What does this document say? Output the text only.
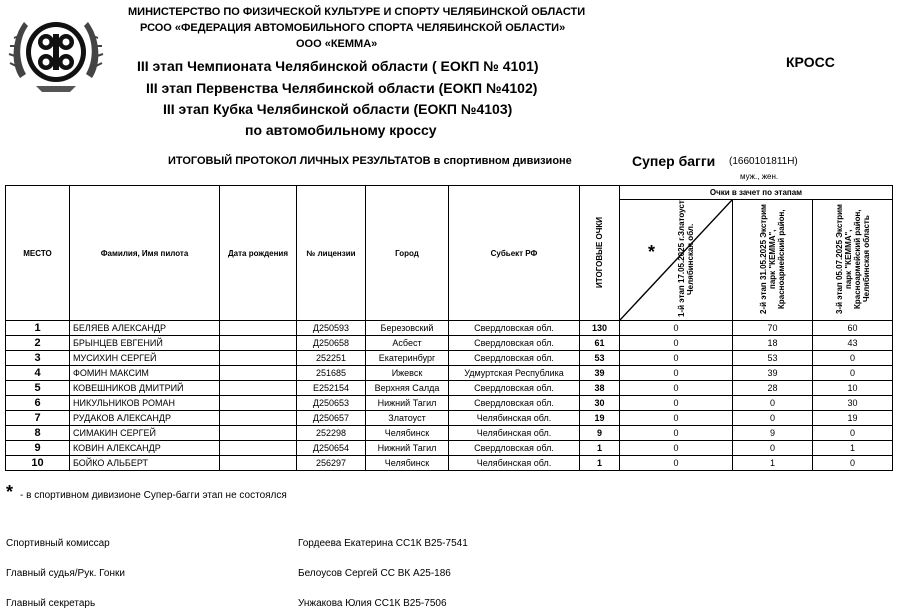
МИНИСТЕРСТВО ПО ФИЗИЧЕСКОЙ КУЛЬТУРЕ И СПОРТУ ЧЕЛЯБИНСКОЙ ОБЛАСТИ
РСОО «ФЕДЕРАЦИЯ АВТОМОБИЛЬНОГО СПОРТА ЧЕЛЯБИНСКОЙ ОБЛАСТИ»
ООО «КЕММА»
III этап Чемпионата Челябинской области ( ЕОКП № 4101)
III этап Первенства Челябинской области (ЕОКП №4102)
III этап Кубка Челябинской области (ЕОКП №4103)
по автомобильному кроссу
КРОСС
ИТОГОВЫЙ ПРОТОКОЛ ЛИЧНЫХ РЕЗУЛЬТАТОВ в спортивном дивизионе	Супер багги (1660101811Н)
муж., жен.
МЕСТО	Фамилия, Имя пилота	Дата рождения	№ лицензии	Город	Субьект РФ	ИТОГОВЫЕ ОЧКИ	Очки в зачет по этапам		

							* 1-й этап 17.05.2025 г.Златоуст Челябинская обл.	2-й этап 31.05.2025 Экстрим парк "КЕММА", Красноармейский район,	3-й этап 05.07.2025 Экстрим парк "КЕММА", Красноармейский район, Челябинская область
1	БЕЛЯЕВ АЛЕКСАНДР		Д250593	Березовский	Свердловская обл.	130	0	70	60
2	БРЫНЦЕВ ЕВГЕНИЙ		Д250658	Асбест	Свердловская обл.	61	0	18	43
3	МУСИХИН СЕРГЕЙ		252251	Екатеринбург	Свердловская обл.	53	0	53	0
4	ФОМИН МАКСИМ		251685	Ижевск	Удмуртская Республика	39	0	39	0
5	КОВЕШНИКОВ ДМИТРИЙ		Е252154	Верхняя Салда	Свердловская обл.	38	0	28	10
6	НИКУЛЬНИКОВ РОМАН		Д250653	Нижний Тагил	Свердловская обл.	30	0	0	30
7	РУДАКОВ АЛЕКСАНДР		Д250657	Златоуст	Челябинская обл.	19	0	0	19
8	СИМАКИН СЕРГЕЙ		252298	Челябинск	Челябинская обл.	9	0	9	0
9	КОВИН АЛЕКСАНДР		Д250654	Нижний Тагил	Свердловская обл.	1	0	0	1
10	БОЙКО АЛЬБЕРТ		256297	Челябинск	Челябинская обл.	1	0	1	0
* - в спортивном дивизионе Супер-багги этап не состоялся
Спортивный комиссар	Гордеева Екатерина СС1К В25-7541
Главный судья/Рук. Гонки	Белоусов Сергей СС ВК А25-186
Главный секретарь	Унжакова Юлия СС1К В25-7506
